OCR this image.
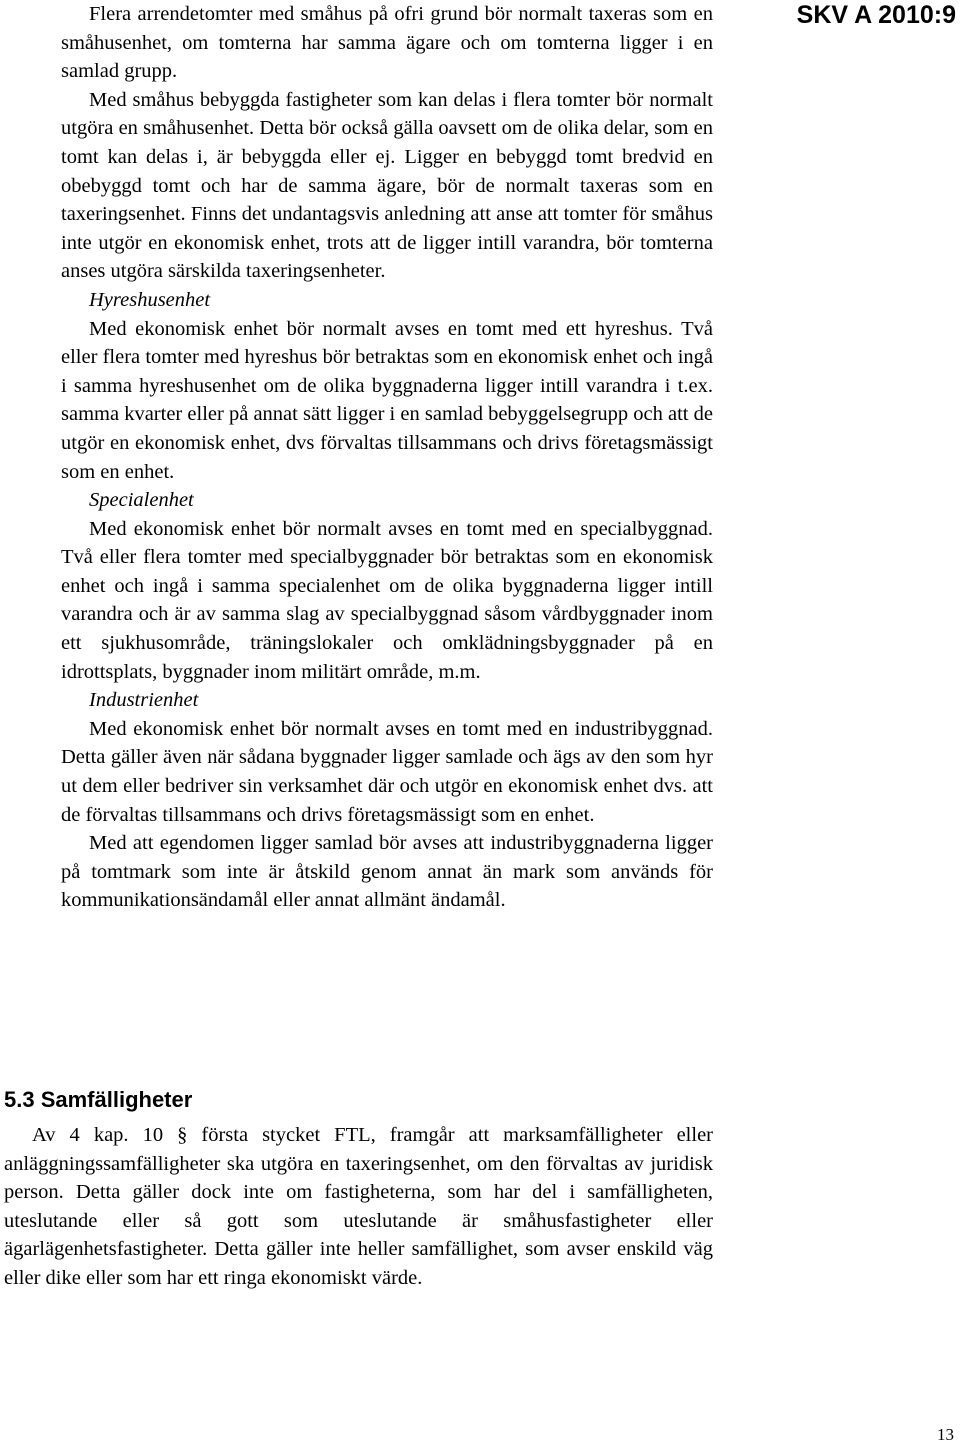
SKV A 2010:9

Flera arrendetomter med småhus på ofri grund bör normalt taxeras som en småhusenhet, om tomterna har samma ägare och om tomterna ligger i en samlad grupp.

Med småhus bebyggda fastigheter som kan delas i flera tomter bör normalt utgöra en småhusenhet. Detta bör också gälla oavsett om de olika delar, som en tomt kan delas i, är bebyggda eller ej. Ligger en bebyggd tomt bredvid en obebyggd tomt och har de samma ägare, bör de normalt taxeras som en taxeringsenhet. Finns det undantagsvis anledning att anse att tomter för småhus inte utgör en ekonomisk enhet, trots att de ligger intill varandra, bör tomterna anses utgöra särskilda taxeringsenheter.

Hyreshusenhet

Med ekonomisk enhet bör normalt avses en tomt med ett hyreshus. Två eller flera tomter med hyreshus bör betraktas som en ekonomisk enhet och ingå i samma hyreshusenhet om de olika byggnaderna ligger intill varandra i t.ex. samma kvarter eller på annat sätt ligger i en samlad bebyggelsegrupp och att de utgör en ekonomisk enhet, dvs förvaltas tillsammans och drivs företagsmässigt som en enhet.

Specialenhet

Med ekonomisk enhet bör normalt avses en tomt med en specialbyggnad. Två eller flera tomter med specialbyggnader bör betraktas som en ekonomisk enhet och ingå i samma specialenhet om de olika byggnaderna ligger intill varandra och är av samma slag av specialbyggnad såsom vårdbyggnader inom ett sjukhusområde, träningslokaler och omklädningsbyggnader på en idrottsplats, byggnader inom militärt område, m.m.

Industrienhet

Med ekonomisk enhet bör normalt avses en tomt med en industribyggnad. Detta gäller även när sådana byggnader ligger samlade och ägs av den som hyr ut dem eller bedriver sin verksamhet där och utgör en ekonomisk enhet dvs. att de förvaltas tillsammans och drivs företagsmässigt som en enhet.

Med att egendomen ligger samlad bör avses att industribyggnaderna ligger på tomtmark som inte är åtskild genom annat än mark som används för kommunikationsändamål eller annat allmänt ändamål.

5.3 Samfälligheter

Av 4 kap. 10 § första stycket FTL, framgår att marksamfälligheter eller anläggningssamfälligheter ska utgöra en taxeringsenhet, om den förvaltas av juridisk person. Detta gäller dock inte om fastigheterna, som har del i samfälligheten, uteslutande eller så gott som uteslutande är småhusfastigheter eller ägarlägenhetsfastigheter. Detta gäller inte heller samfällighet, som avser enskild väg eller dike eller som har ett ringa ekonomiskt värde.

13
